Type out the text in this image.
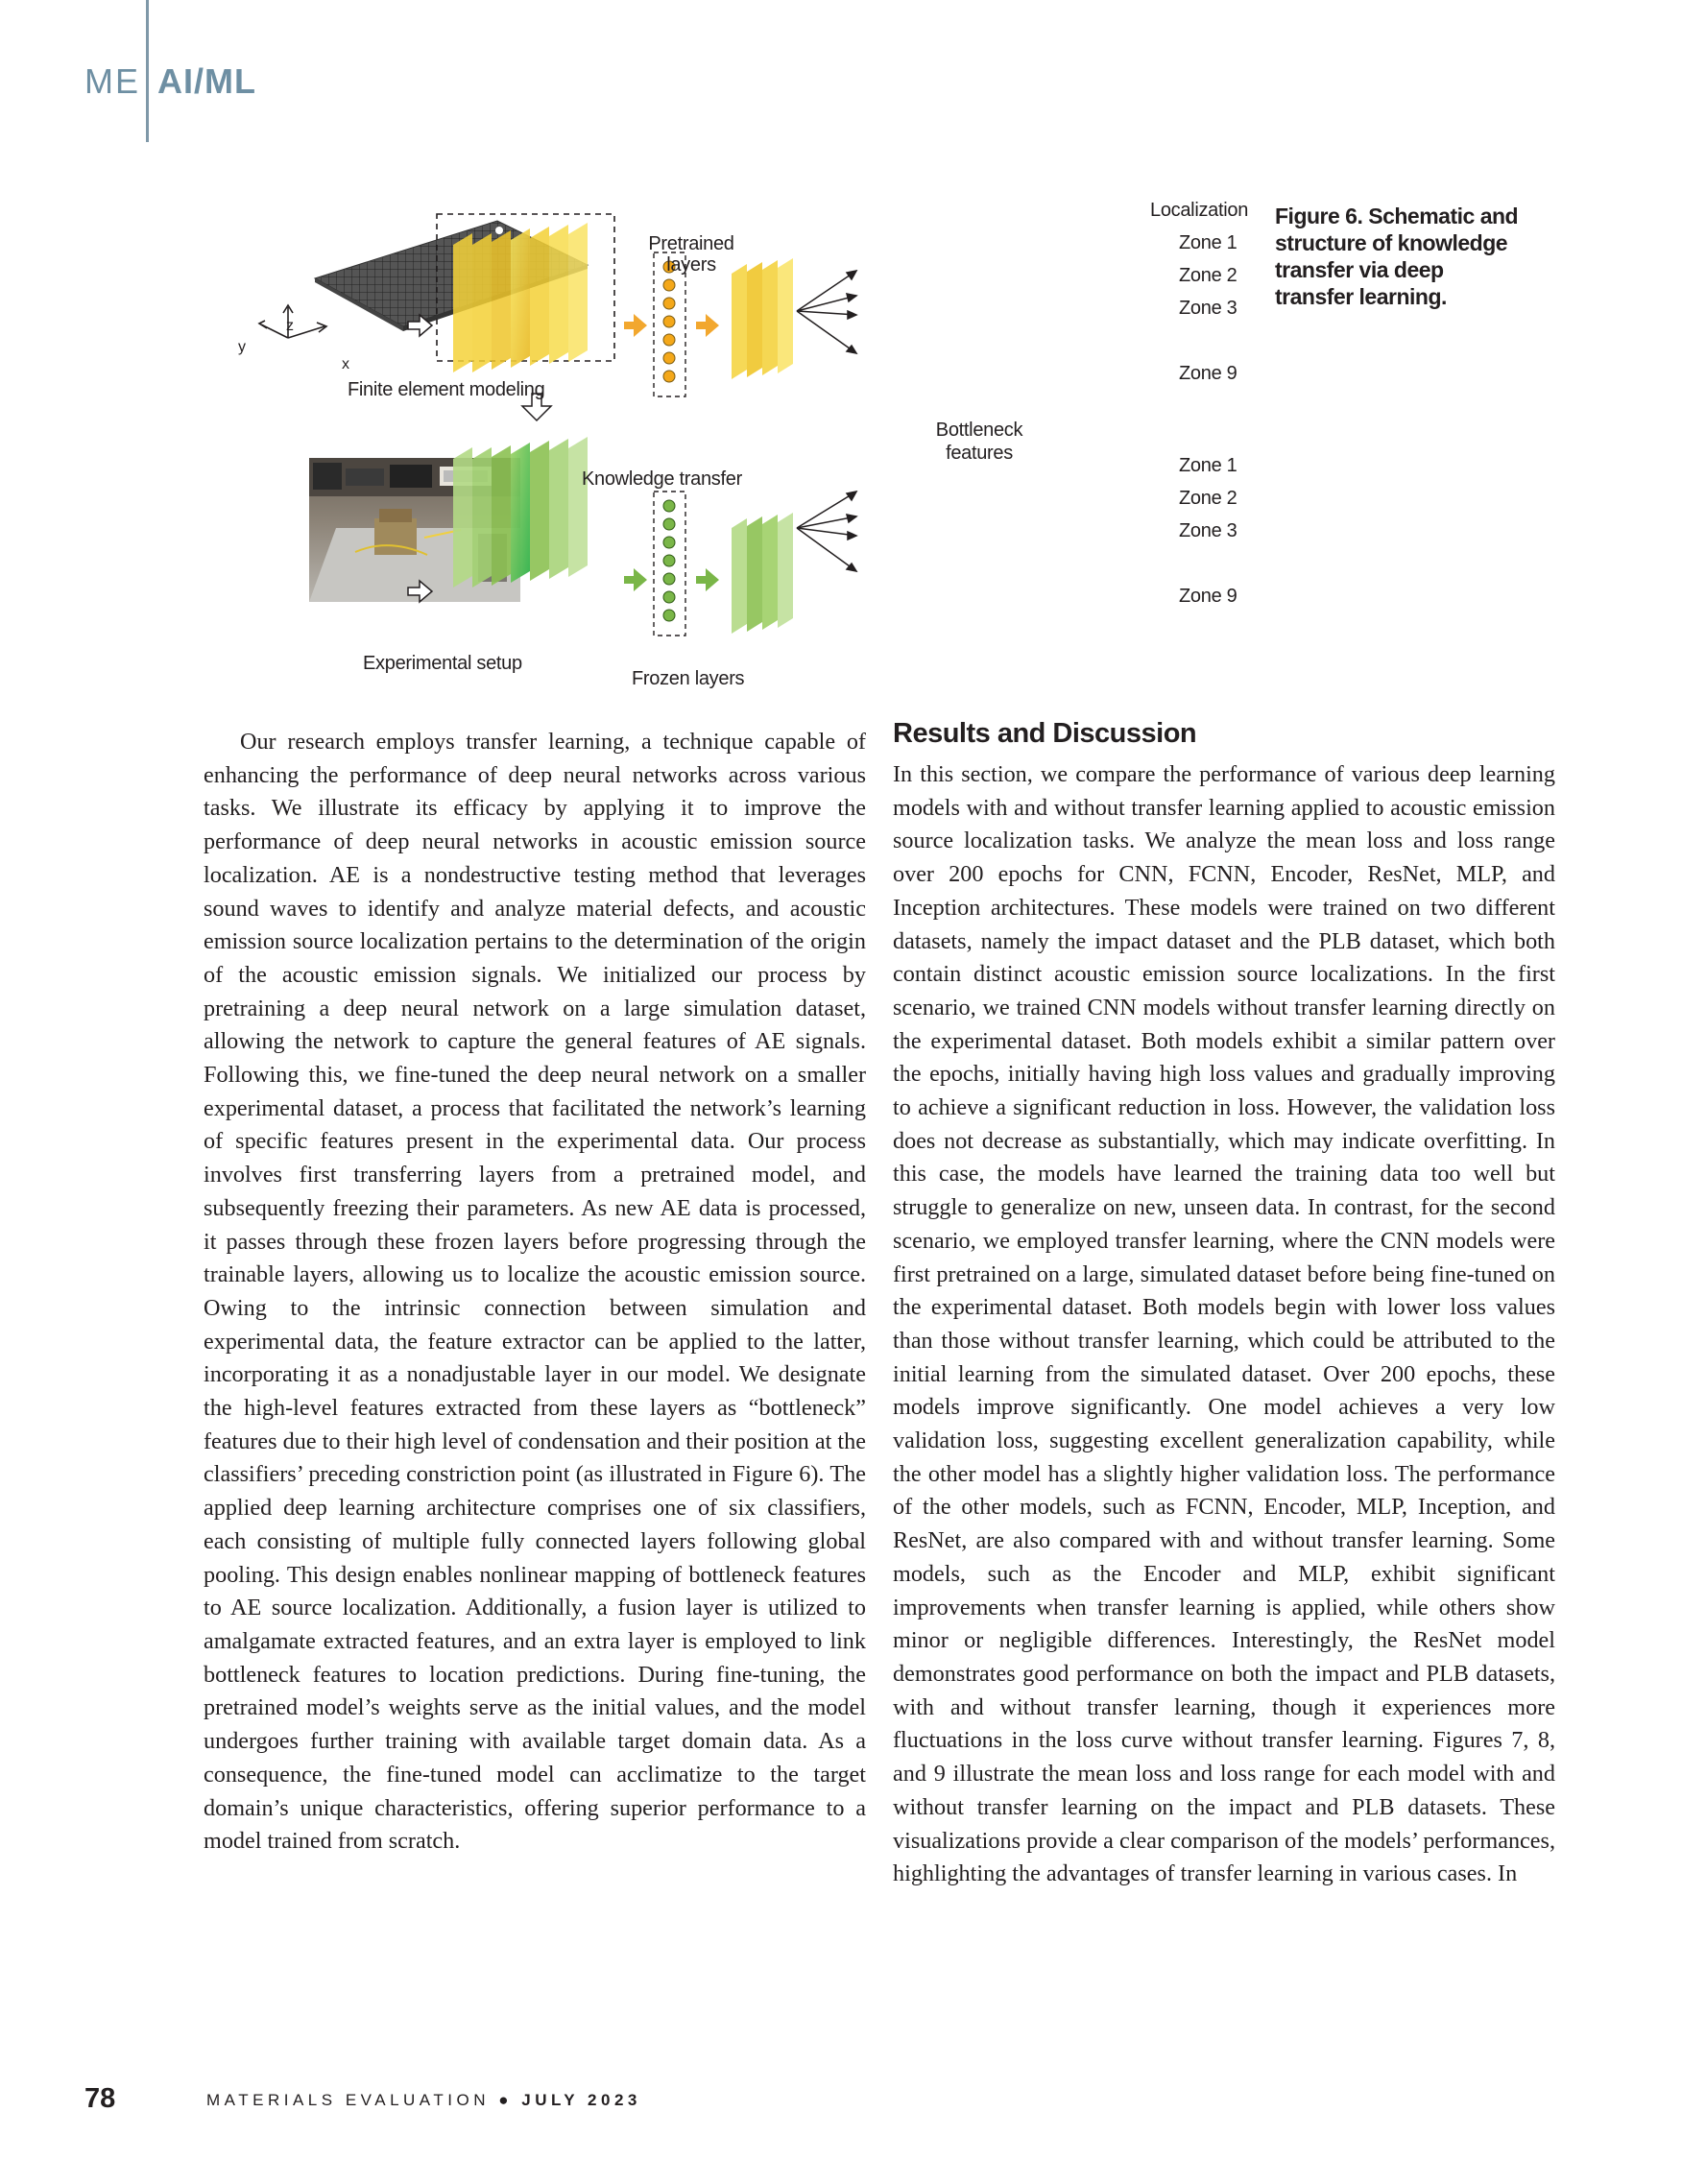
ME AI/ML
Pretrained
layers
Finite element modeling
z
y
x
Knowledge transfer
Bottleneck
features
Experimental setup
Frozen layers
Localization
Zone 1
Zone 2
Zone 3
Zone 9
Zone 1
Zone 2
Zone 3
Zone 9
Figure 6. Schematic and structure of knowledge transfer via deep transfer learning.
Our research employs transfer learning, a technique capable of enhancing the performance of deep neural networks across various tasks. We illustrate its efficacy by applying it to improve the performance of deep neural networks in acoustic emission source localization. AE is a nondestructive testing method that leverages sound waves to identify and analyze material defects, and acoustic emission source localization pertains to the determination of the origin of the acoustic emission signals. We initialized our process by pretraining a deep neural network on a large simulation dataset, allowing the network to capture the general features of AE signals. Following this, we fine-tuned the deep neural network on a smaller experimental dataset, a process that facilitated the network’s learning of specific features present in the experimental data. Our process involves first transferring layers from a pretrained model, and subsequently freezing their parameters. As new AE data is processed, it passes through these frozen layers before progressing through the trainable layers, allowing us to localize the acoustic emission source. Owing to the intrinsic connection between simulation and experimental data, the feature extractor can be applied to the latter, incorporating it as a nonadjustable layer in our model. We designate the high-level features extracted from these layers as “bottleneck” features due to their high level of condensation and their position at the classifiers’ preceding constriction point (as illustrated in Figure 6). The applied deep learning architecture comprises one of six classifiers, each consisting of multiple fully connected layers following global pooling. This design enables nonlinear mapping of bottleneck features to AE source localization. Additionally, a fusion layer is utilized to amalgamate extracted features, and an extra layer is employed to link bottleneck features to location predictions. During fine-tuning, the pretrained model’s weights serve as the initial values, and the model undergoes further training with available target domain data. As a consequence, the fine-tuned model can acclimatize to the target domain’s unique characteristics, offering superior performance to a model trained from scratch.
Results and Discussion
In this section, we compare the performance of various deep learning models with and without transfer learning applied to acoustic emission source localization tasks. We analyze the mean loss and loss range over 200 epochs for CNN, FCNN, Encoder, ResNet, MLP, and Inception architectures. These models were trained on two different datasets, namely the impact dataset and the PLB dataset, which both contain distinct acoustic emission source localizations. In the first scenario, we trained CNN models without transfer learning directly on the experimental dataset. Both models exhibit a similar pattern over the epochs, initially having high loss values and gradually improving to achieve a significant reduction in loss. However, the validation loss does not decrease as substantially, which may indicate overfitting. In this case, the models have learned the training data too well but struggle to generalize on new, unseen data. In contrast, for the second scenario, we employed transfer learning, where the CNN models were first pretrained on a large, simulated dataset before being fine-tuned on the experimental dataset. Both models begin with lower loss values than those without transfer learning, which could be attributed to the initial learning from the simulated dataset. Over 200 epochs, these models improve significantly. One model achieves a very low validation loss, suggesting excellent generalization capability, while the other model has a slightly higher validation loss. The performance of the other models, such as FCNN, Encoder, MLP, Inception, and ResNet, are also compared with and without transfer learning. Some models, such as the Encoder and MLP, exhibit significant improvements when transfer learning is applied, while others show minor or negligible differences. Interestingly, the ResNet model demonstrates good performance on both the impact and PLB datasets, with and without transfer learning, though it experiences more fluctuations in the loss curve without transfer learning. Figures 7, 8, and 9 illustrate the mean loss and loss range for each model with and without transfer learning on the impact and PLB datasets. These visualizations provide a clear comparison of the models’ performances, highlighting the advantages of transfer learning in various cases. In
78	MATERIALS EVALUATION ● JULY 2023
